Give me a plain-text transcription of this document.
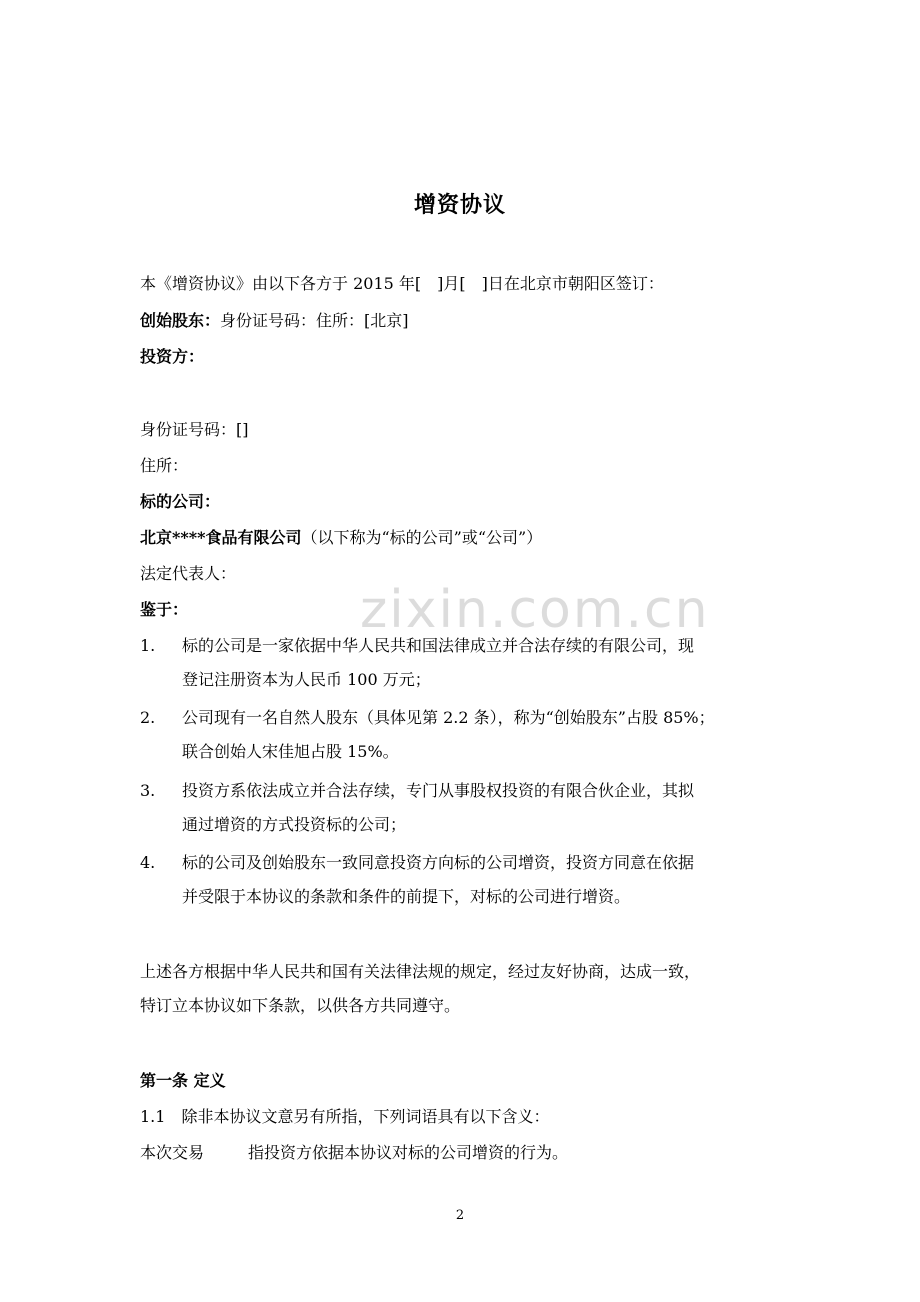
zixin.com.cn
增资协议
本《增资协议》由以下各方于 2015 年[　]月[　]日在北京市朝阳区签订：
创始股东：身份证号码：住所：[北京]
投资方：
身份证号码：[]
住所：
标的公司：
北京****食品有限公司（以下称为“标的公司”或“公司”）
法定代表人：
鉴于：
1. 标的公司是一家依据中华人民共和国法律成立并合法存续的有限公司，现
登记注册资本为人民币 100 万元；
2. 公司现有一名自然人股东（具体见第 2.2 条），称为“创始股东”占股 85%；
联合创始人宋佳旭占股 15%。
3. 投资方系依法成立并合法存续，专门从事股权投资的有限合伙企业，其拟
通过增资的方式投资标的公司；
4. 标的公司及创始股东一致同意投资方向标的公司增资，投资方同意在依据
并受限于本协议的条款和条件的前提下，对标的公司进行增资。
上述各方根据中华人民共和国有关法律法规的规定，经过友好协商，达成一致，
特订立本协议如下条款，以供各方共同遵守。
第一条 定义
1.1　除非本协议文意另有所指，下列词语具有以下含义：
本次交易	指投资方依据本协议对标的公司增资的行为。
2
